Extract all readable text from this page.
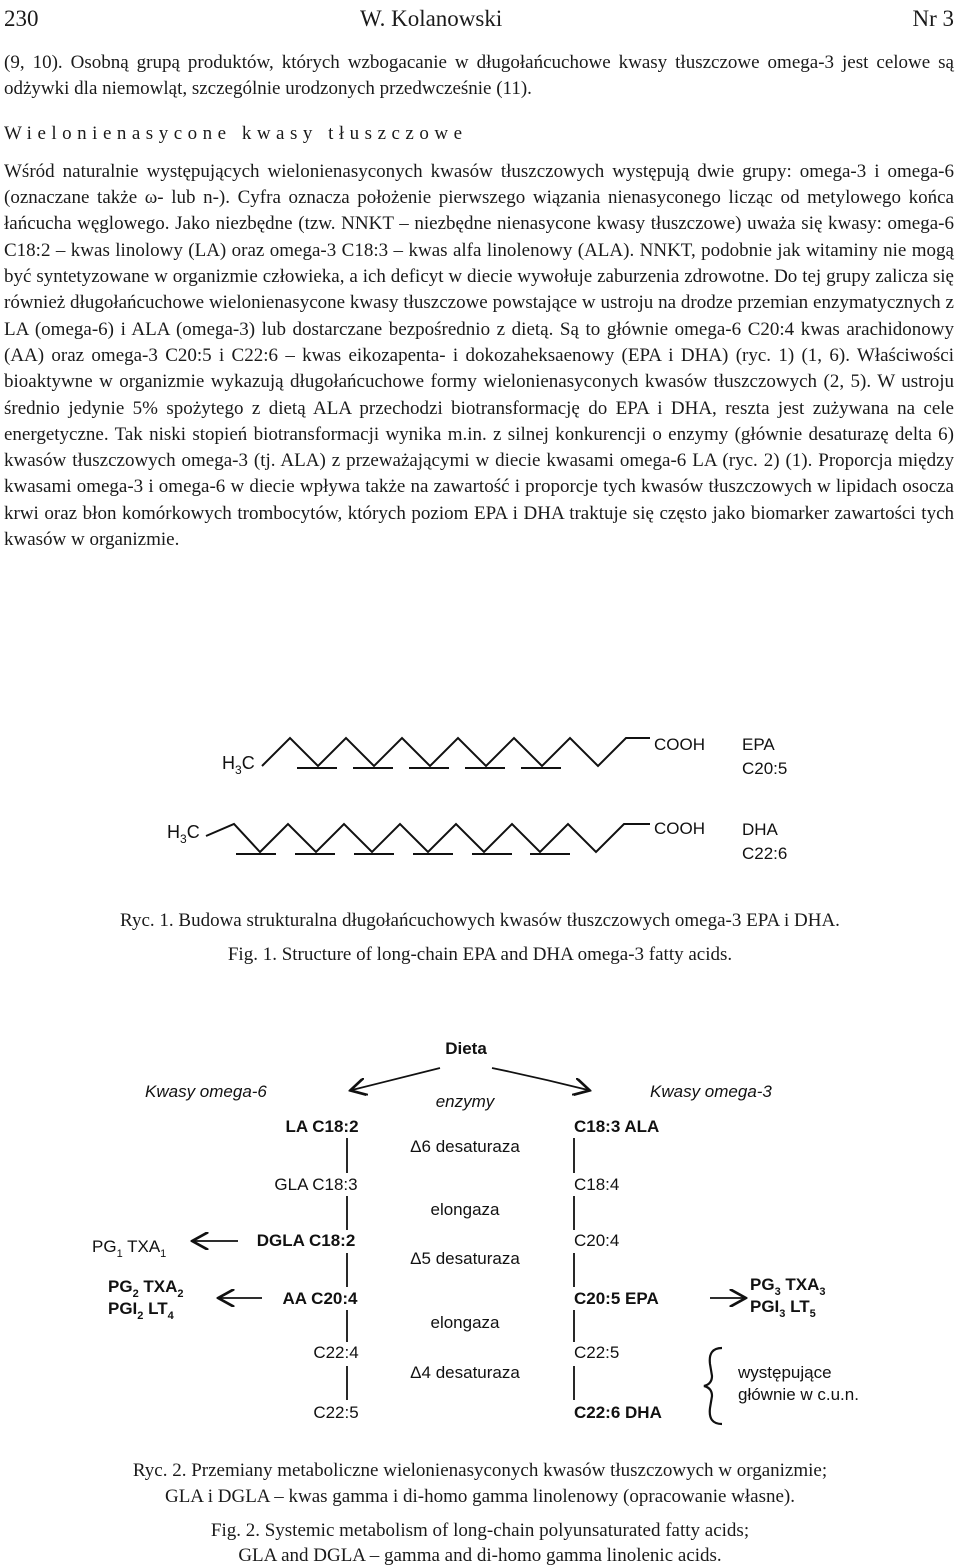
230	W. Kolanowski	Nr 3

(9, 10). Osobną grupą produktów, których wzbogacanie w długołańcuchowe kwasy tłuszczowe omega-3 jest celowe są odżywki dla niemowląt, szczególnie urodzonych przedwcześnie (11).

Wielonienasycone kwasy tłuszczowe

Wśród naturalnie występujących wielonienasyconych kwasów tłuszczowych występują dwie grupy: omega-3 i omega-6 (oznaczane także ω- lub n-). Cyfra oznacza położenie pierwszego wiązania nienasyconego licząc od metylowego końca łańcucha węglowego. Jako niezbędne (tzw. NNKT – niezbędne nienasycone kwasy tłuszczowe) uważa się kwasy: omega-6 C18:2 – kwas linolowy (LA) oraz omega-3 C18:3 – kwas alfa linolenowy (ALA). NNKT, podobnie jak witaminy nie mogą być syntetyzowane w organizmie człowieka, a ich deficyt w diecie wywołuje zaburzenia zdrowotne. Do tej grupy zalicza się również długołańcuchowe wielonienasycone kwasy tłuszczowe powstające w ustroju na drodze przemian enzymatycznych z LA (omega-6) i ALA (omega-3) lub dostarczane bezpośrednio z dietą. Są to głównie omega-6 C20:4 kwas arachidonowy (AA) oraz omega-3 C20:5 i C22:6 – kwas eikozapenta- i dokozaheksaenowy (EPA i DHA) (ryc. 1) (1, 6). Właściwości bioaktywne w organizmie wykazują długołańcuchowe formy wielonienasyconych kwasów tłuszczowych (2, 5). W ustroju średnio jedynie 5% spożytego z dietą ALA przechodzi biotransformację do EPA i DHA, reszta jest zużywana na cele energetyczne. Tak niski stopień biotransformacji wynika m.in. z silnej konkurencji o enzymy (głównie desaturazę delta 6) kwasów tłuszczowych omega-3 (tj. ALA) z przeważającymi w diecie kwasami omega-6 LA (ryc. 2) (1). Proporcja między kwasami omega-3 i omega-6 w diecie wpływa także na zawartość i proporcje tych kwasów tłuszczowych w lipidach osocza krwi oraz błon komórkowych trombocytów, których poziom EPA i DHA traktuje się często jako biomarker zawartości tych kwasów w organizmie.

$H_3C$
COOH EPA
C20:5
$H_3C$	COOH DHA
C22:6
Ryc. 1. Budowa strukturalna długołańcuchowych kwasów tłuszczowych omega-3 EPA i DHA.
Fig. 1. Structure of long-chain EPA and DHA omega-3 fatty acids.
Dieta
Kwasy omega-6	Kwasy omega-3
enzymy
Δ6 desaturaza
elongaza
Δ5 desaturaza
elongaza
Δ4 desaturaza
LA C18:2
GLA C18:3
DGLA C18:2
AA C20:4
C22:4
C22:5
C18:3 ALA
C18:4
C20:4
C20:5 EPA
C22:5
C22:6 DHA
$PG_1$ $TXA_1$
$PG_2$ $TXA_2$
$PGI_2$ $LT_4$
$PG_3$ $TXA_3$
$PGI_3$ $LT_5$
występujące
głównie w c.u.n.
Ryc. 2. Przemiany metaboliczne wielonienasyconych kwasów tłuszczowych w organizmie;
GLA i DGLA – kwas gamma i di-homo gamma linolenowy (opracowanie własne).
Fig. 2. Systemic metabolism of long-chain polyunsaturated fatty acids;
GLA and DGLA – gamma and di-homo gamma linolenic acids.
